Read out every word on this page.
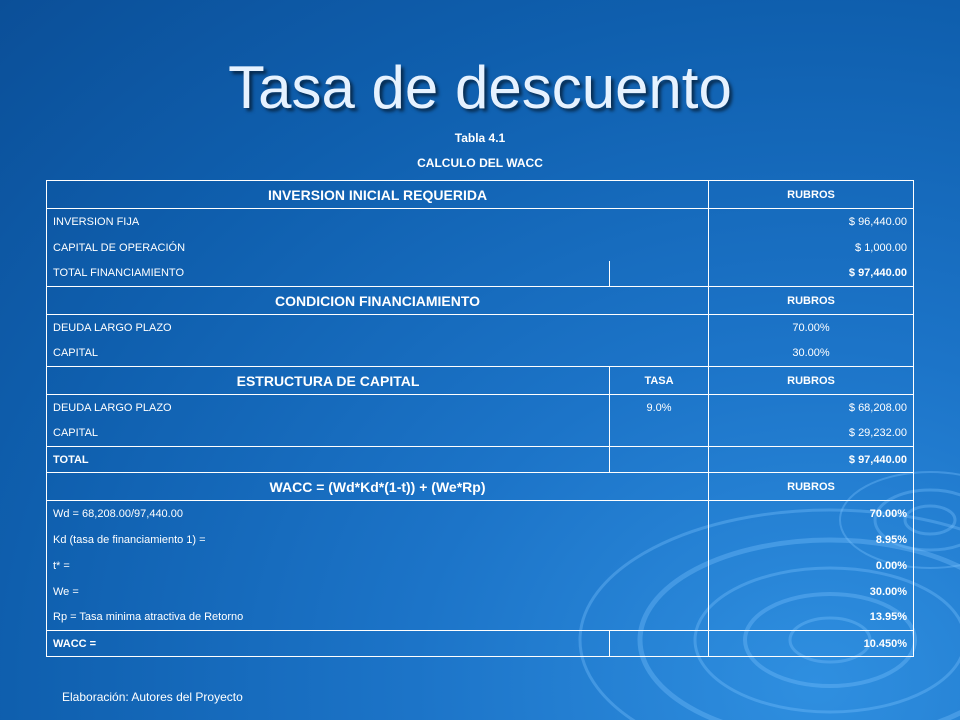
Tasa de descuento
Tabla 4.1
CALCULO DEL WACC
INVERSION INICIAL REQUERIDA		RUBROS
INVERSION FIJA		$ 96,440.00
CAPITAL DE OPERACIÓN		$ 1,000.00
TOTAL FINANCIAMIENTO		$ 97,440.00
CONDICION FINANCIAMIENTO		RUBROS
DEUDA LARGO PLAZO		70.00%
CAPITAL		30.00%
ESTRUCTURA DE CAPITAL	TASA	RUBROS
DEUDA LARGO PLAZO	9.0%	$ 68,208.00
CAPITAL		$ 29,232.00
TOTAL		$ 97,440.00
WACC = (Wd*Kd*(1-t)) + (We*Rp)		RUBROS
Wd = 68,208.00/97,440.00		70.00%
Kd (tasa de financiamiento 1) =		8.95%
t* =		0.00%
We =		30.00%
Rp = Tasa minima atractiva de Retorno		13.95%
WACC =		10.450%
Elaboración: Autores del Proyecto
